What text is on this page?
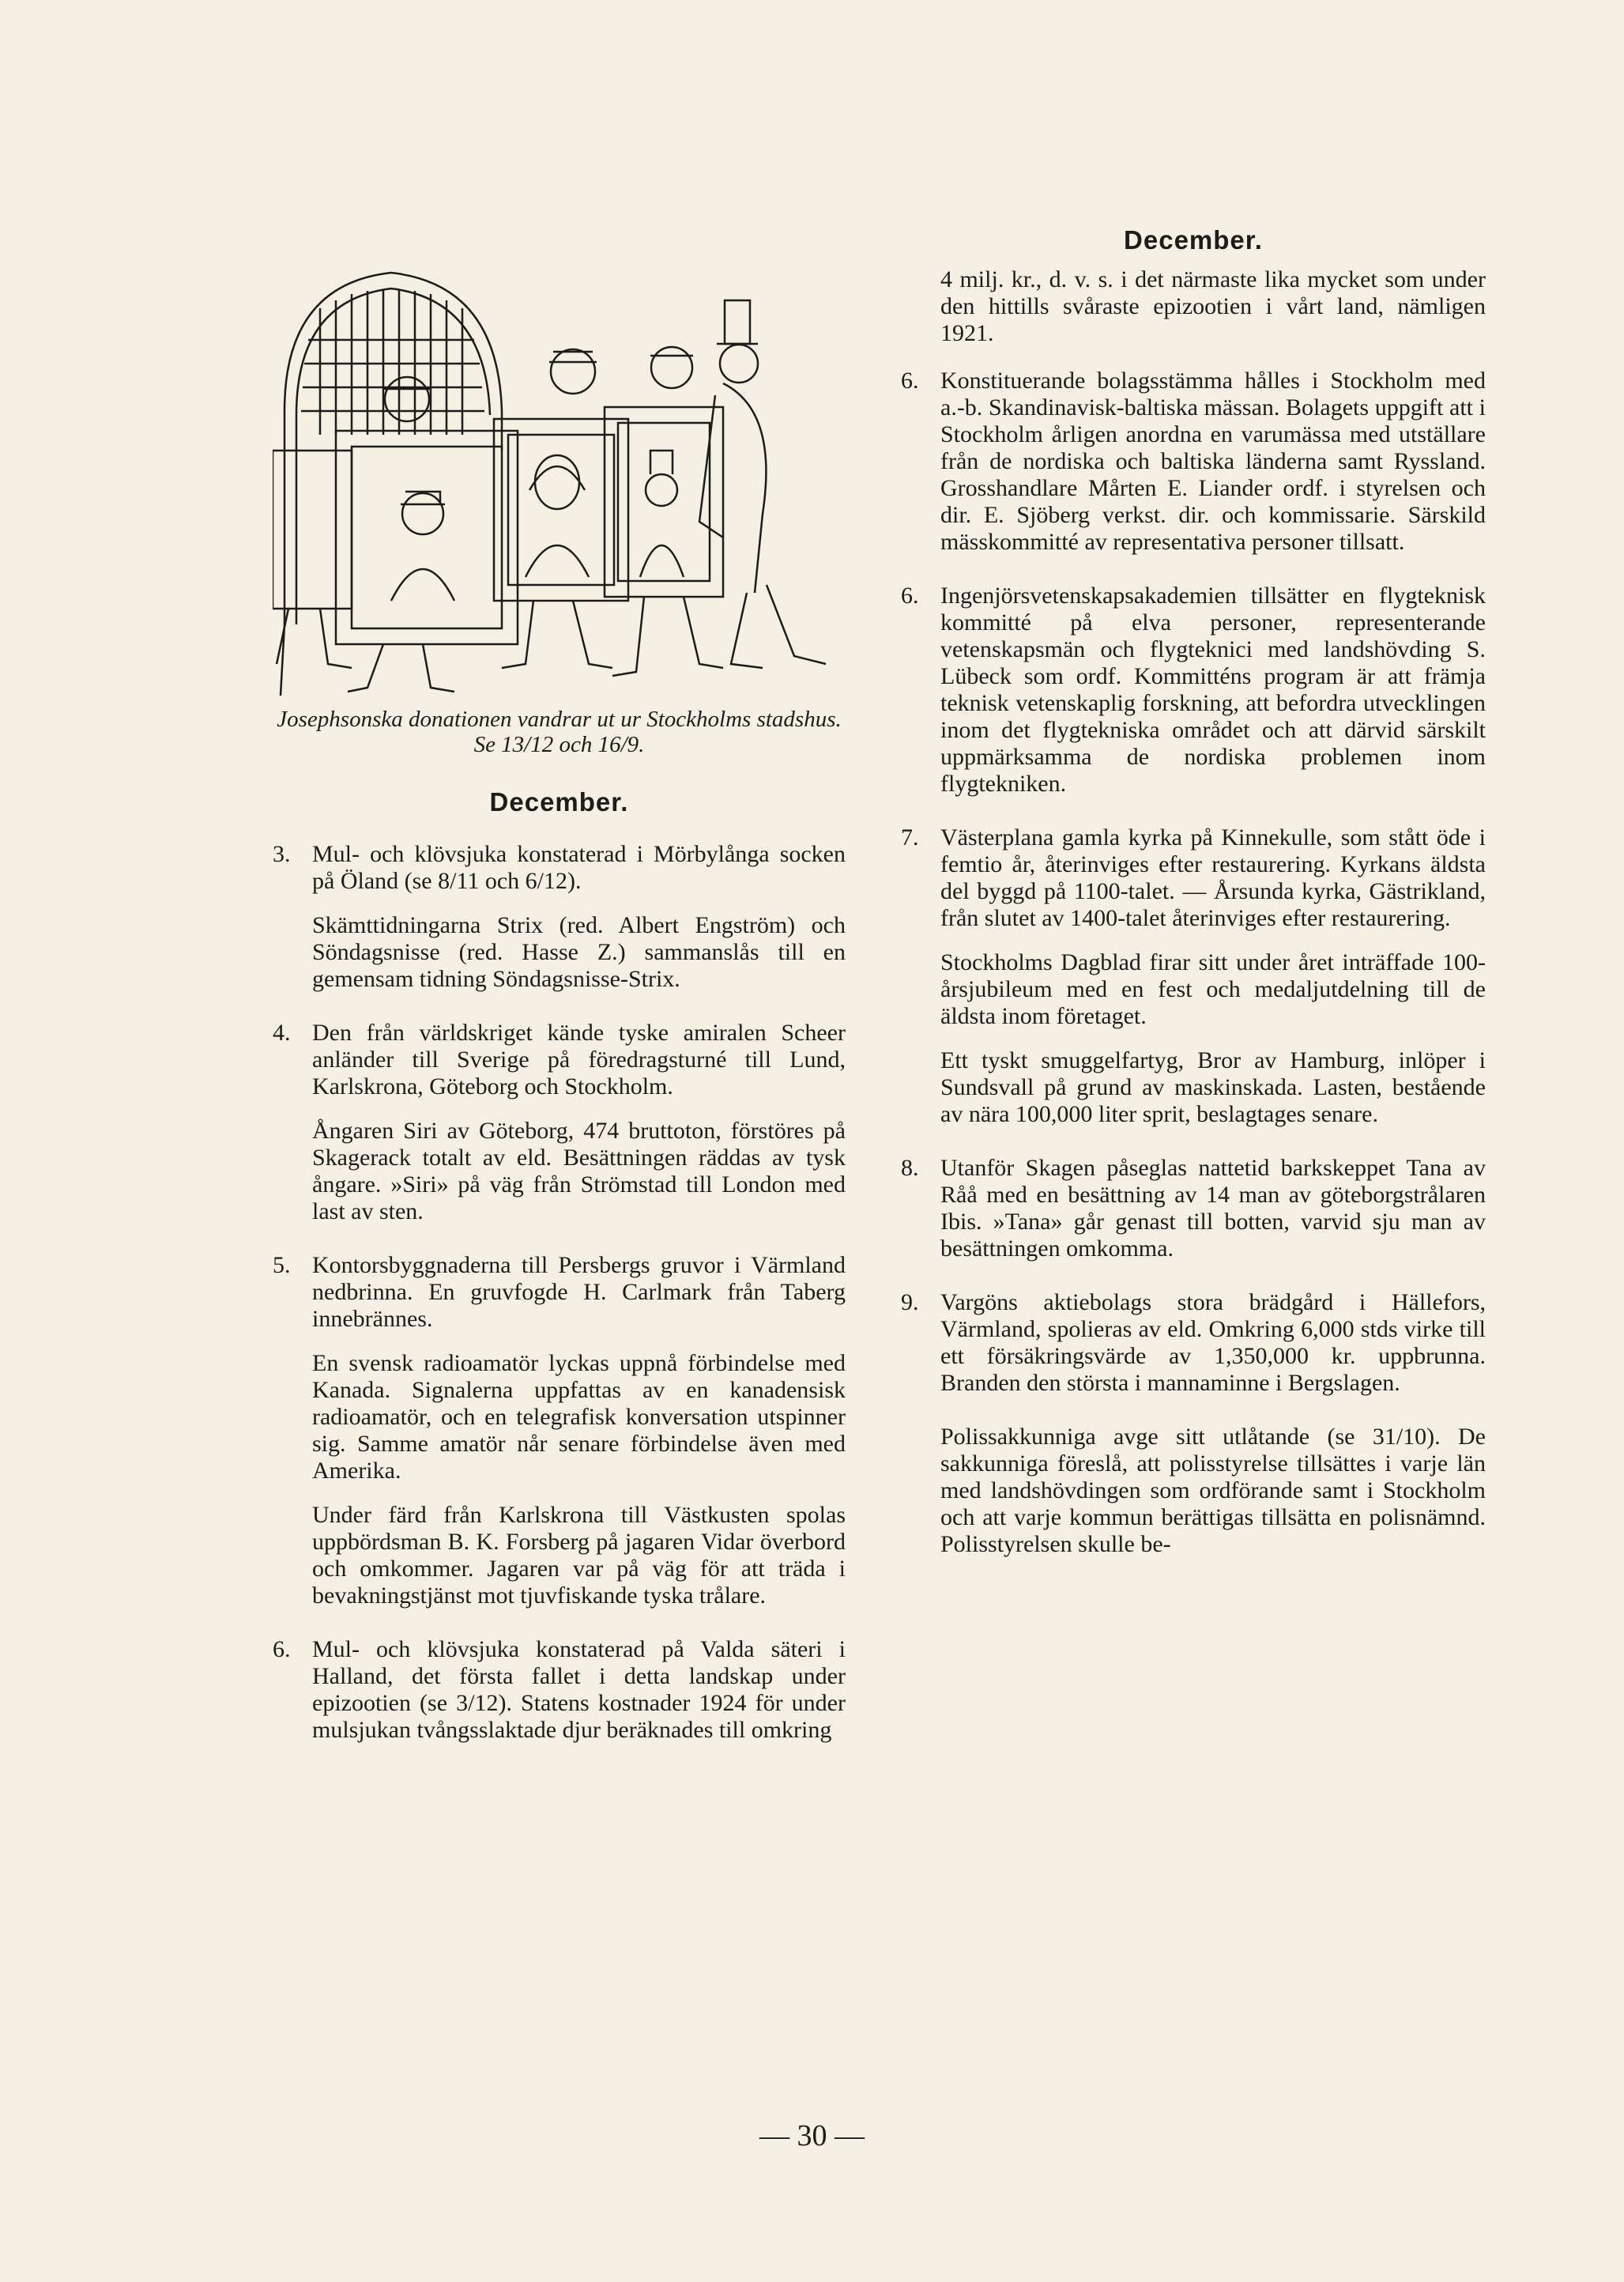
Josephsonska donationen vandrar ut ur Stockholms stadshus. Se 13/12 och 16/9.
December.
3. Mul- och klövsjuka konstaterad i Mörbylånga socken på Öland (se 8/11 och 6/12).

Skämttidningarna Strix (red. Albert Engström) och Söndagsnisse (red. Hasse Z.) sammanslås till en gemensam tidning Söndagsnisse-Strix.

4. Den från världskriget kände tyske amiralen Scheer anländer till Sverige på föredragsturné till Lund, Karlskrona, Göteborg och Stockholm.

Ångaren Siri av Göteborg, 474 bruttoton, förstöres på Skagerack totalt av eld. Besättningen räddas av tysk ångare. »Siri» på väg från Strömstad till London med last av sten.

5. Kontorsbyggnaderna till Persbergs gruvor i Värmland nedbrinna. En gruvfogde H. Carlmark från Taberg innebrännes.

En svensk radioamatör lyckas uppnå förbindelse med Kanada. Signalerna uppfattas av en kanadensisk radioamatör, och en telegrafisk konversation utspinner sig. Samme amatör når senare förbindelse även med Amerika.

Under färd från Karlskrona till Västkusten spolas uppbördsman B. K. Forsberg på jagaren Vidar överbord och omkommer. Jagaren var på väg för att träda i bevakningstjänst mot tjuvfiskande tyska trålare.

6. Mul- och klövsjuka konstaterad på Valda säteri i Halland, det första fallet i detta landskap under epizootien (se 3/12). Statens kostnader 1924 för under mulsjukan tvångsslaktade djur beräknades till omkring

December.

4 milj. kr., d. v. s. i det närmaste lika mycket som under den hittills svåraste epizootien i vårt land, nämligen 1921.

6. Konstituerande bolagsstämma hålles i Stockholm med a.-b. Skandinavisk-baltiska mässan. Bolagets uppgift att i Stockholm årligen anordna en varumässa med utställare från de nordiska och baltiska länderna samt Ryssland. Grosshandlare Mårten E. Liander ordf. i styrelsen och dir. E. Sjöberg verkst. dir. och kommissarie. Särskild mässkommitté av representativa personer tillsatt.

6. Ingenjörsvetenskapsakademien tillsätter en flygteknisk kommitté på elva personer, representerande vetenskapsmän och flygteknici med landshövding S. Lübeck som ordf. Kommitténs program är att främja teknisk vetenskaplig forskning, att befordra utvecklingen inom det flygtekniska området och att därvid särskilt uppmärksamma de nordiska problemen inom flygtekniken.

7. Västerplana gamla kyrka på Kinnekulle, som stått öde i femtio år, återinviges efter restaurering. Kyrkans äldsta del byggd på 1100-talet. — Årsunda kyrka, Gästrikland, från slutet av 1400-talet återinviges efter restaurering.

Stockholms Dagblad firar sitt under året inträffade 100-årsjubileum med en fest och medaljutdelning till de äldsta inom företaget.

Ett tyskt smuggelfartyg, Bror av Hamburg, inlöper i Sundsvall på grund av maskinskada. Lasten, bestående av nära 100,000 liter sprit, beslagtages senare.

8. Utanför Skagen påseglas nattetid barkskeppet Tana av Råå med en besättning av 14 man av göteborgstrålaren Ibis. »Tana» går genast till botten, varvid sju man av besättningen omkomma.

9. Vargöns aktiebolags stora brädgård i Hällefors, Värmland, spolieras av eld. Omkring 6,000 stds virke till ett försäkringsvärde av 1,350,000 kr. uppbrunna. Branden den största i mannaminne i Bergslagen.

Polissakkunniga avge sitt utlåtande (se 31/10). De sakkunniga föreslå, att polisstyrelse tillsättes i varje län med landshövdingen som ordförande samt i Stockholm och att varje kommun berättigas tillsätta en polisnämnd. Polisstyrelsen skulle be-

— 30 —
